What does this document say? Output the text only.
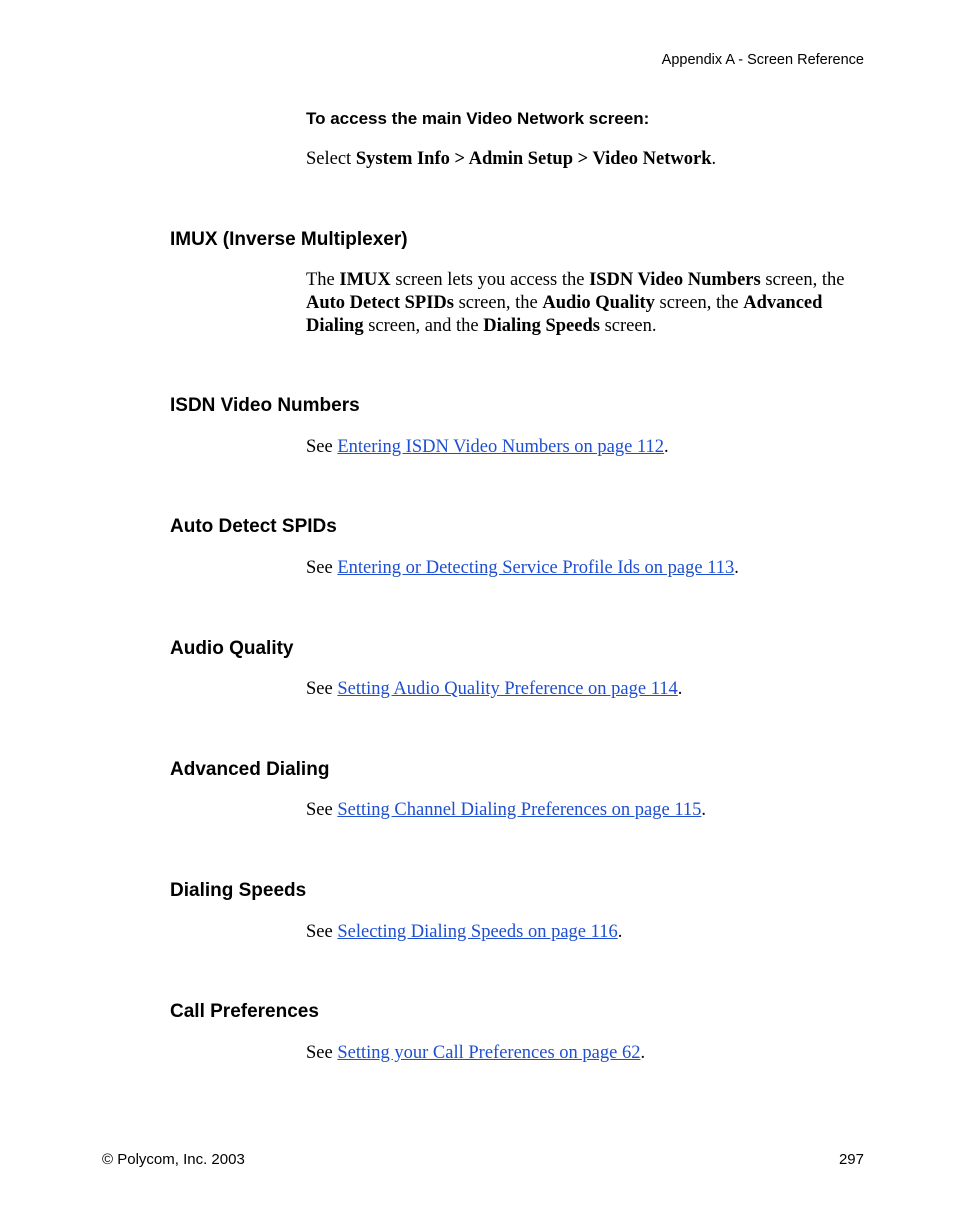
Appendix A - Screen Reference
To access the main Video Network screen:
Select System Info > Admin Setup > Video Network.
IMUX (Inverse Multiplexer)
The IMUX screen lets you access the ISDN Video Numbers screen, the Auto Detect SPIDs screen, the Audio Quality screen, the Advanced Dialing screen, and the Dialing Speeds screen.
ISDN Video Numbers
See Entering ISDN Video Numbers on page 112.
Auto Detect SPIDs
See Entering or Detecting Service Profile Ids on page 113.
Audio Quality
See Setting Audio Quality Preference on page 114.
Advanced Dialing
See Setting Channel Dialing Preferences on page 115.
Dialing Speeds
See Selecting Dialing Speeds on page 116.
Call Preferences
See Setting your Call Preferences on page 62.
© Polycom, Inc. 2003	297
